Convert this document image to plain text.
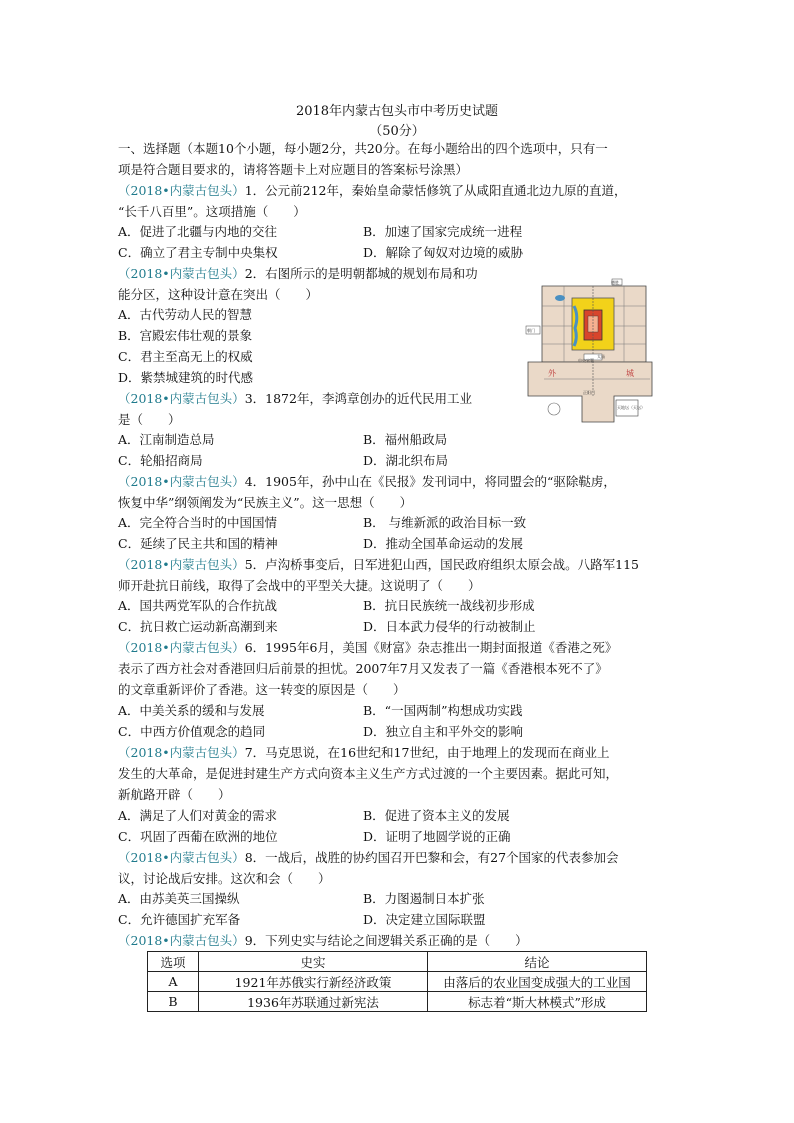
2018年内蒙古包头市中考历史试题
（50分）
一、选择题（本题10个小题，每小题2分，共20分。在每小题给出的四个选项中，只有一
项是符合题目要求的，请将答题卡上对应题目的答案标号涂黑）
（2018•内蒙古包头）1．公元前212年，秦始皇命蒙恬修筑了从咸阳直通北边九原的直道，
“长千八百里”。这项措施（　　）
A．促进了北疆与内地的交往	B．加速了国家完成统一进程
C．确立了君主专制中央集权	D．解除了匈奴对边境的威胁
（2018•内蒙古包头）2．右图所示的是明朝都城的规划布局和功
能分区，这种设计意在突出（　　）
A．古代劳动人民的智慧
B．宫殿宏伟壮观的景象
C．君主至高无上的权威
D．紫禁城建筑的时代感	外	城
中央官署
太庙
朝门
德胜
正阳门
天地坛（天坛）
（2018•内蒙古包头）3．1872年，李鸿章创办的近代民用工业
是（　　）
A．江南制造总局	B．福州船政局
C．轮船招商局	D．湖北织布局
（2018•内蒙古包头）4．1905年，孙中山在《民报》发刊词中，将同盟会的“驱除鞑虏，
恢复中华”纲领阐发为“民族主义”。这一思想（　　）
A．完全符合当时的中国国情	B． 与维新派的政治目标一致
C．延续了民主共和国的精神	D．推动全国革命运动的发展
（2018•内蒙古包头）5．卢沟桥事变后，日军进犯山西，国民政府组织太原会战。八路军115
师开赴抗日前线，取得了会战中的平型关大捷。这说明了（　　）
A．国共两党军队的合作抗战	B．抗日民族统一战线初步形成
C．抗日救亡运动新高潮到来	D．日本武力侵华的行动被制止
（2018•内蒙古包头）6．1995年6月，美国《财富》杂志推出一期封面报道《香港之死》
表示了西方社会对香港回归后前景的担忧。2007年7月又发表了一篇《香港根本死不了》
的文章重新评价了香港。这一转变的原因是（　　）
A．中美关系的缓和与发展	B．“一国两制”构想成功实践
C．中西方价值观念的趋同	D．独立自主和平外交的影响
（2018•内蒙古包头）7．马克思说，在16世纪和17世纪，由于地理上的发现而在商业上
发生的大革命，是促进封建生产方式向资本主义生产方式过渡的一个主要因素。据此可知，
新航路开辟（　　）
A．满足了人们对黄金的需求	B．促进了资本主义的发展
C．巩固了西葡在欧洲的地位	D．证明了地圆学说的正确
（2018•内蒙古包头）8．一战后，战胜的协约国召开巴黎和会，有27个国家的代表参加会
议，讨论战后安排。这次和会（　　）
A．由苏美英三国操纵	B．力图遏制日本扩张
C．允许德国扩充军备	D．决定建立国际联盟
（2018•内蒙古包头）9．下列史实与结论之间逻辑关系正确的是（　　）
选项	史实	结论
A	1921年苏俄实行新经济政策	由落后的农业国变成强大的工业国
B	1936年苏联通过新宪法	标志着“斯大林模式”形成
